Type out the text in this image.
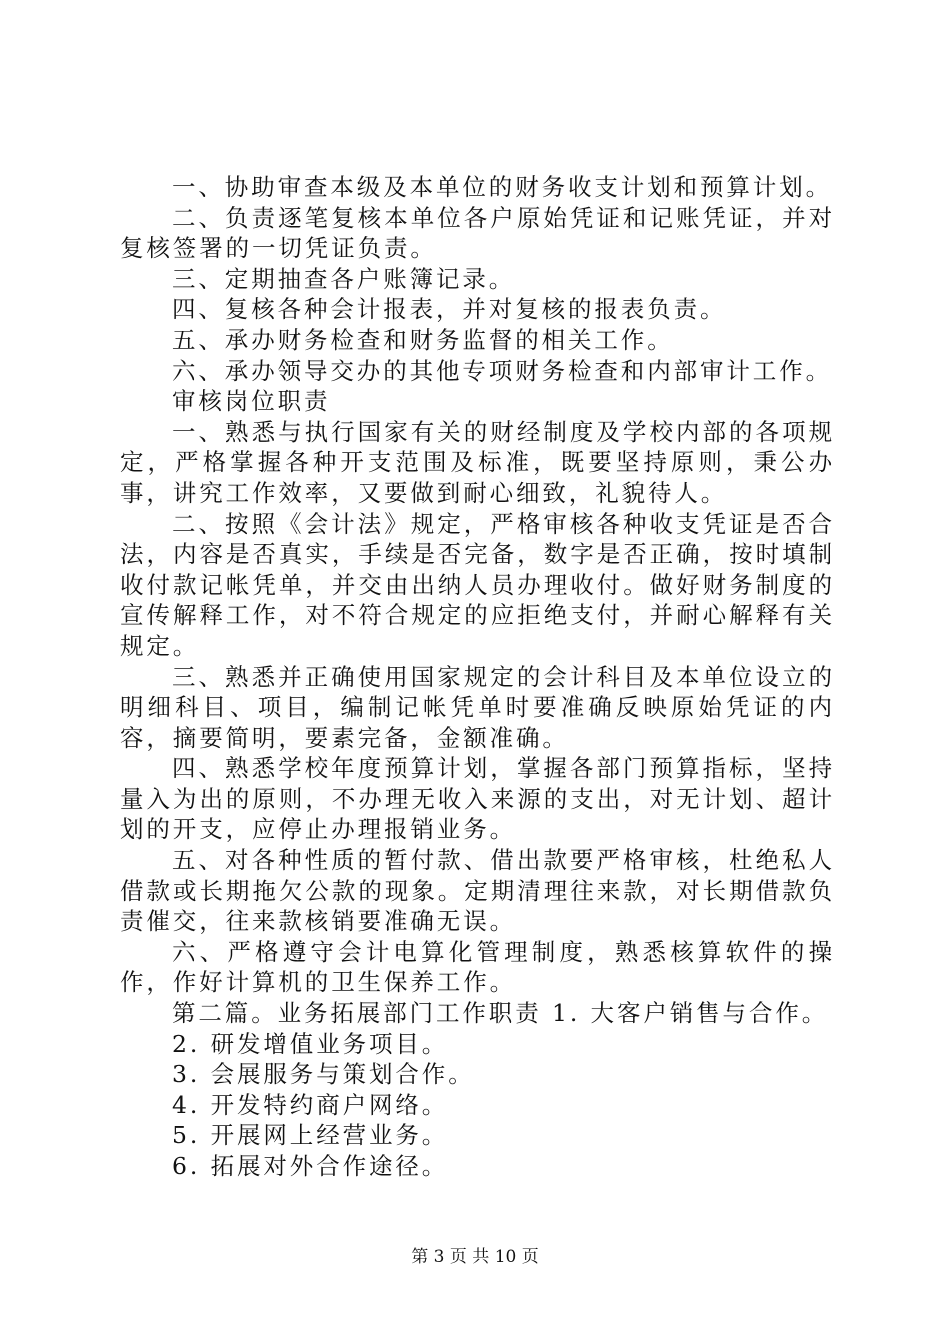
一、协助审查本级及本单位的财务收支计划和预算计划。

二、负责逐笔复核本单位各户原始凭证和记账凭证，并对复核签署的一切凭证负责。

三、定期抽查各户账簿记录。

四、复核各种会计报表，并对复核的报表负责。

五、承办财务检查和财务监督的相关工作。

六、承办领导交办的其他专项财务检查和内部审计工作。

审核岗位职责

一、熟悉与执行国家有关的财经制度及学校内部的各项规定，严格掌握各种开支范围及标准，既要坚持原则，秉公办事，讲究工作效率，又要做到耐心细致，礼貌待人。

二、按照《会计法》规定，严格审核各种收支凭证是否合法，内容是否真实，手续是否完备，数字是否正确，按时填制收付款记帐凭单，并交由出纳人员办理收付。做好财务制度的宣传解释工作，对不符合规定的应拒绝支付，并耐心解释有关规定。

三、熟悉并正确使用国家规定的会计科目及本单位设立的明细科目、项目，编制记帐凭单时要准确反映原始凭证的内容，摘要简明，要素完备，金额准确。

四、熟悉学校年度预算计划，掌握各部门预算指标，坚持量入为出的原则，不办理无收入来源的支出，对无计划、超计划的开支，应停止办理报销业务。

五、对各种性质的暂付款、借出款要严格审核，杜绝私人借款或长期拖欠公款的现象。定期清理往来款，对长期借款负责催交，往来款核销要准确无误。

六、严格遵守会计电算化管理制度，熟悉核算软件的操作，作好计算机的卫生保养工作。

第二篇。业务拓展部门工作职责 1. 大客户销售与合作。

2. 研发增值业务项目。

3. 会展服务与策划合作。

4. 开发特约商户网络。

5. 开展网上经营业务。

6. 拓展对外合作途径。

第 3 页 共 10 页
